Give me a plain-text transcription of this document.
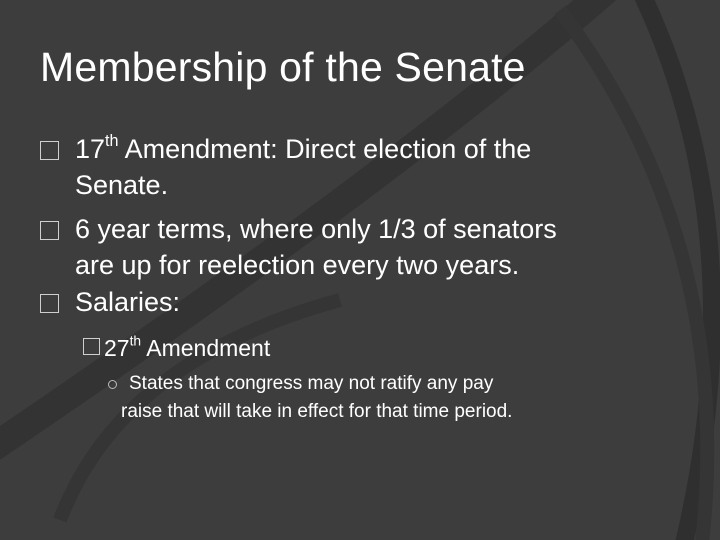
Membership of the Senate
17th Amendment: Direct election of the
Senate.
6 year terms, where only 1/3 of senators
are up for reelection every two years.
Salaries:
27th Amendment
States that congress may not ratify any pay
raise that will take in effect for that time period.
